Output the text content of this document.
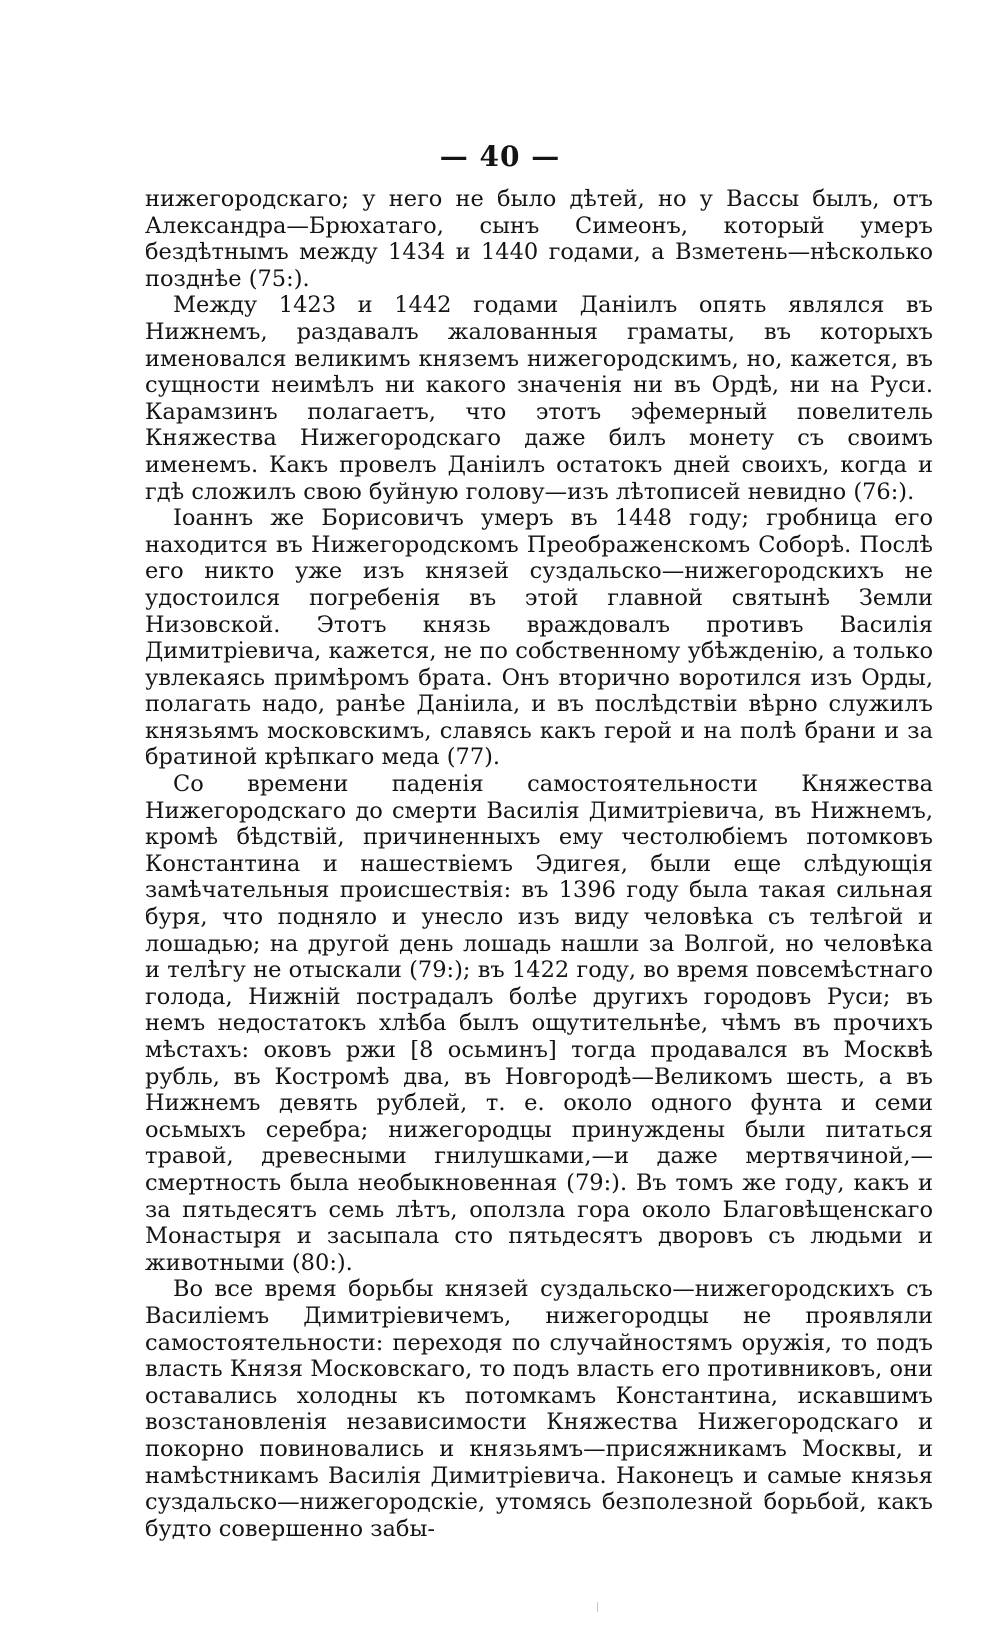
— 40 —

нижегородскаго; у него не было дѣтей, но у Вассы былъ, отъ Александра—Брюхатаго, сынъ Симеонъ, который умеръ бездѣтнымъ между 1434 и 1440 годами, а Взметень—нѣсколько позднѣе (75:).

Между 1423 и 1442 годами Даніилъ опять являлся въ Нижнемъ, раздавалъ жалованныя граматы, въ которыхъ именовался великимъ княземъ нижегородскимъ, но, кажется, въ сущности неимѣлъ ни какого значенія ни въ Ордѣ, ни на Руси. Карамзинъ полагаетъ, что этотъ эфемерный повелитель Княжества Нижегородскаго даже билъ монету съ своимъ именемъ. Какъ провелъ Даніилъ остатокъ дней своихъ, когда и гдѣ сложилъ свою буйную голову—изъ лѣтописей невидно (76:).

Іоаннъ же Борисовичъ умеръ въ 1448 году; гробница его находится въ Нижегородскомъ Преображенскомъ Соборѣ. Послѣ его никто уже изъ князей суздальско—нижегородскихъ не удостоился погребенія въ этой главной святынѣ Земли Низовской. Этотъ князь враждовалъ противъ Василія Димитріевича, кажется, не по собственному убѣжденію, а только увлекаясь примѣромъ брата. Онъ вторично воротился изъ Орды, полагать надо, ранѣе Даніила, и въ послѣдствіи вѣрно служилъ князьямъ московскимъ, славясь какъ герой и на полѣ брани и за братиной крѣпкаго меда (77).

Со времени паденія самостоятельности Княжества Нижегородскаго до смерти Василія Димитріевича, въ Нижнемъ, кромѣ бѣдствій, причиненныхъ ему честолюбіемъ потомковъ Константина и нашествіемъ Эдигея, были еще слѣдующія замѣчательныя происшествія: въ 1396 году была такая сильная буря, что подняло и унесло изъ виду человѣка съ телѣгой и лошадью; на другой день лошадь нашли за Волгой, но человѣка и телѣгу не отыскали (79:); въ 1422 году, во время повсемѣстнаго голода, Нижній пострадалъ болѣе другихъ городовъ Руси; въ немъ недостатокъ хлѣба былъ ощутительнѣе, чѣмъ въ прочихъ мѣстахъ: оковъ ржи [8 осьминъ] тогда продавался въ Москвѣ рубль, въ Костромѣ два, въ Новгородѣ—Великомъ шесть, а въ Нижнемъ девять рублей, т. е. около одного фунта и семи осьмыхъ серебра; нижегородцы принуждены были питаться травой, древесными гнилушками,—и даже мертвячиной,—смертность была необыкновенная (79:). Въ томъ же году, какъ и за пятьдесятъ семь лѣтъ, оползла гора около Благовѣщенскаго Монастыря и засыпала сто пятьдесятъ дворовъ съ людьми и животными (80:).

Во все время борьбы князей суздальско—нижегородскихъ съ Василіемъ Димитріевичемъ, нижегородцы не проявляли самостоятельности: переходя по случайностямъ оружія, то подъ власть Князя Московскаго, то подъ власть его противниковъ, они оставались холодны къ потомкамъ Константина, искавшимъ возстановленія независимости Княжества Нижегородскаго и покорно повиновались и князьямъ—присяжникамъ Москвы, и намѣстникамъ Василія Димитріевича. Наконецъ и самые князья суздальско—нижегородскіе, утомясь безполезной борьбой, какъ будто совершенно забы-
